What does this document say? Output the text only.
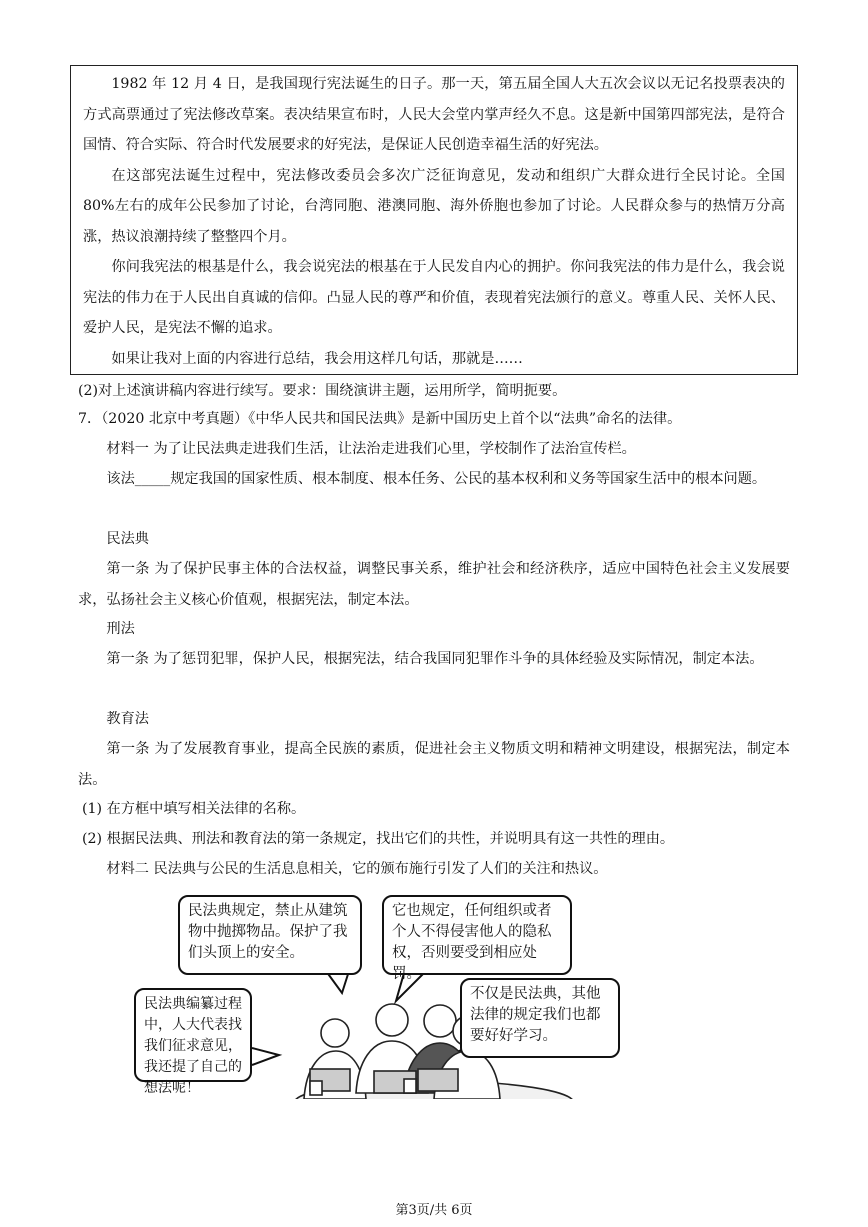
1982 年 12 月 4 日，是我国现行宪法诞生的日子。那一天，第五届全国人大五次会议以无记名投票表决的方式高票通过了宪法修改草案。表决结果宣布时，人民大会堂内掌声经久不息。这是新中国第四部宪法，是符合国情、符合实际、符合时代发展要求的好宪法，是保证人民创造幸福生活的好宪法。

在这部宪法诞生过程中，宪法修改委员会多次广泛征询意见，发动和组织广大群众进行全民讨论。全国 80%左右的成年公民参加了讨论，台湾同胞、港澳同胞、海外侨胞也参加了讨论。人民群众参与的热情万分高涨，热议浪潮持续了整整四个月。

你问我宪法的根基是什么，我会说宪法的根基在于人民发自内心的拥护。你问我宪法的伟力是什么，我会说宪法的伟力在于人民出自真诚的信仰。凸显人民的尊严和价值，表现着宪法颁行的意义。尊重人民、关怀人民、爱护人民，是宪法不懈的追求。

如果让我对上面的内容进行总结，我会用这样几句话，那就是……

(2)对上述演讲稿内容进行续写。要求：围绕演讲主题，运用所学，简明扼要。

7．（2020 北京中考真题）《中华人民共和国民法典》是新中国历史上首个以“法典”命名的法律。

材料一 为了让民法典走进我们生活，让法治走进我们心里，学校制作了法治宣传栏。

该法_____规定我国的国家性质、根本制度、根本任务、公民的基本权利和义务等国家生活中的根本问题。

民法典

第一条 为了保护民事主体的合法权益，调整民事关系，维护社会和经济秩序，适应中国特色社会主义发展要求，弘扬社会主义核心价值观，根据宪法，制定本法。

刑法

第一条 为了惩罚犯罪，保护人民，根据宪法，结合我国同犯罪作斗争的具体经验及实际情况，制定本法。

教育法

第一条 为了发展教育事业，提高全民族的素质，促进社会主义物质文明和精神文明建设，根据宪法，制定本法。

(1) 在方框中填写相关法律的名称。

(2) 根据民法典、刑法和教育法的第一条规定，找出它们的共性，并说明具有这一共性的理由。

材料二 民法典与公民的生活息息相关，它的颁布施行引发了人们的关注和热议。

民法典规定，禁止从建筑物中抛掷物品。保护了我们头顶上的安全。
它也规定，任何组织或者个人不得侵害他人的隐私权，否则要受到相应处罚。
民法典编纂过程中，人大代表找我们征求意见，我还提了自己的想法呢！
不仅是民法典，其他法律的规定我们也都要好好学习。
第3页/共 6页
